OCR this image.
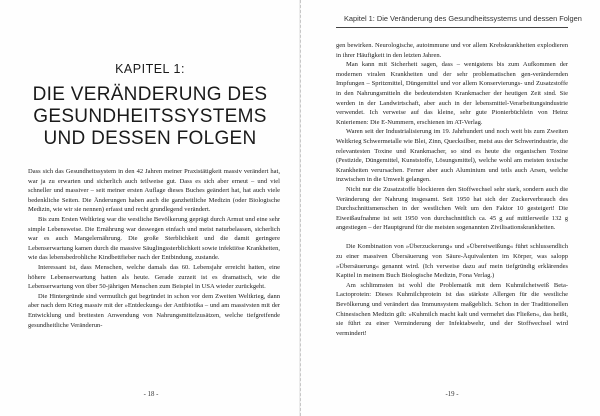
KAPITEL 1:
DIE VERÄNDERUNG DES
GESUNDHEITSSYSTEMS
UND DESSEN FOLGEN
- 18 -

Dass sich das Gesundheitssystem in den 42 Jahren meiner Praxistätigkeit massiv verändert hat, war ja zu erwarten und sicherlich auch teilweise gut. Dass es sich aber erneut – und viel schneller und massiver – seit meiner ersten Auflage dieses Buches geändert hat, hat auch viele bedenkliche Seiten. Die Änderungen haben auch die ganzheitliche Medizin (oder Biologische Medizin, wie wir sie nennen) erfasst und recht grundlegend verändert.

Bis zum Ersten Weltkrieg war die westliche Bevölkerung geprägt durch Armut und eine sehr simple Lebensweise. Die Ernährung war deswegen einfach und meist naturbelassen, sicherlich war es auch Mangelernährung. Die große Sterblichkeit und die damit geringere Lebenserwartung kamen durch die massive Säuglingssterblichkeit sowie infektiöse Krankheiten, wie das lebensbedrohliche Kindbettfieber nach der Entbindung, zustande.

Interessant ist, dass Menschen, welche damals das 60. Lebensjahr erreicht hatten, eine höhere Lebenserwartung hatten als heute. Gerade zurzeit ist es dramatisch, wie die Lebenserwartung von über 50-jährigen Menschen zum Beispiel in USA wieder zurückgeht.

Die Hintergründe sind vermutlich gut begründet in schon vor dem Zweiten Weltkrieg, dann aber nach dem Krieg massiv mit der »Entdeckung« der Antibiotika – und am massivsten mit der Entwicklung und breitesten Anwendung von Nahrungsmittelzusätzen, welche tiefgreifende gesundheitliche Veränderun-

Kapitel 1: Die Veränderung des Gesundheitssystems und dessen Folgen

gen bewirken. Neurologische, autoimmune und vor allem Krebskrankheiten explodieren in ihrer Häufigkeit in den letzten Jahren.

Man kann mit Sicherheit sagen, dass – wenigstens bis zum Aufkommen der modernen viralen Krankheiten und der sehr problematischen gen-verändernden Impfungen – Spritzmittel, Düngemittel und vor allem Konservierungs- und Zusatzstoffe in den Nahrungsmitteln die bedeutendsten Krankmacher der heutigen Zeit sind. Sie werden in der Landwirtschaft, aber auch in der lebensmittel-Verarbeitungsindustrie verwendet. Ich verweise auf das kleine, sehr gute Pionierbüchlein von Heinz Knieriemen: Die E-Nummern, erschienen im AT-Verlag.

Waren seit der Industrialisierung im 19. Jahrhundert und noch weit bis zum Zweiten Weltkrieg Schwermetalle wie Blei, Zinn, Quecksilber, meist aus der Schwerindustrie, die relevantesten Toxine und Krankmacher, so sind es heute die organischen Toxine (Pestizide, Düngemittel, Kunststoffe, Lösungsmittel), welche wohl am meisten toxische Krankheiten verursachen. Ferner aber auch Aluminium und teils auch Arsen, welche inzwischen in die Umwelt gelangen.

Nicht nur die Zusatzstoffe blockieren den Stoffwechsel sehr stark, sondern auch die Veränderung der Nahrung insgesamt. Seit 1950 hat sich der Zuckerverbrauch des Durchschnittsmenschen in der westlichen Welt um den Faktor 10 gesteigert! Die Eiweißaufnahme ist seit 1950 von durchschnittlich ca. 45 g auf mittlerweile 132 g angestiegen – der Hauptgrund für die meisten sogenannten Zivilisationskrankheiten.

Die Kombination von »Überzuckerung« und »Übereiweißung« führt schlussendlich zu einer massiven Übersäuerung von Säure-Äquivalenten im Körper, was salopp »Übersäuerung« genannt wird. (Ich verweise dazu auf mein tiefgründig erklärendes Kapitel in meinem Buch Biologische Medizin, Fona Verlag.)

Am schlimmsten ist wohl die Problematik mit dem Kuhmilcheiweiß Beta-Lactoprotein: Dieses Kuhmilchprotein ist das stärkste Allergen für die westliche Bevölkerung und verändert das Immunsystem maßgeblich. Schon in der Traditionellen Chinesischen Medizin gilt: »Kuhmilch macht kalt und vermehrt das Fließen«, das heißt, sie führt zu einer Verminderung der Infektabwehr, und der Stoffwechsel wird vermindert!

-19 -
